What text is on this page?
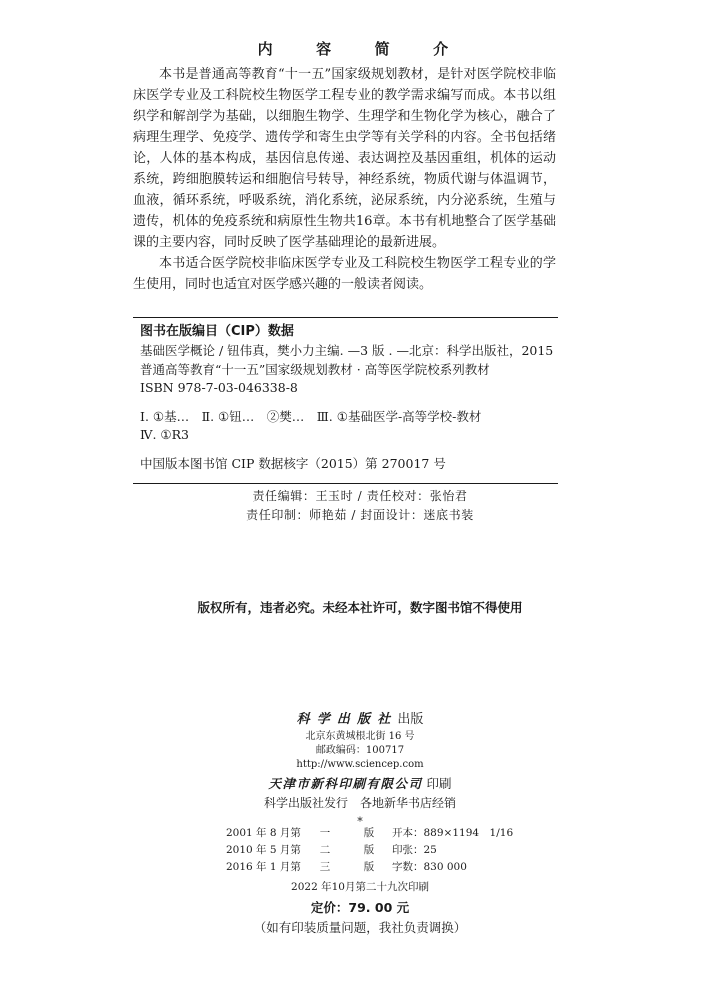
内　容　简　介

本书是普通高等教育“十一五”国家级规划教材，是针对医学院校非临床医学专业及工科院校生物医学工程专业的教学需求编写而成。本书以组织学和解剖学为基础，以细胞生物学、生理学和生物化学为核心，融合了病理生理学、免疫学、遗传学和寄生虫学等有关学科的内容。全书包括绪论，人体的基本构成，基因信息传递、表达调控及基因重组，机体的运动系统，跨细胞膜转运和细胞信号转导，神经系统，物质代谢与体温调节，血液，循环系统，呼吸系统，消化系统，泌尿系统，内分泌系统，生殖与遗传，机体的免疫系统和病原性生物共16章。本书有机地整合了医学基础课的主要内容，同时反映了医学基础理论的最新进展。

本书适合医学院校非临床医学专业及工科院校生物医学工程专业的学生使用，同时也适宜对医学感兴趣的一般读者阅读。

图书在版编目（CIP）数据

基础医学概论 / 钮伟真，樊小力主编. —3 版 . —北京：科学出版社，2015

普通高等教育“十一五”国家级规划教材 · 高等医学院校系列教材

ISBN 978-7-03-046338-8

Ⅰ. ①基…　Ⅱ. ①钮…　②樊…　Ⅲ. ①基础医学-高等学校-教材

Ⅳ. ①R3

中国版本图书馆 CIP 数据核字（2015）第 270017 号

责任编辑：王玉时 / 责任校对：张怡君

责任印制：师艳茹 / 封面设计：迷底书装

版权所有，违者必究。未经本社许可，数字图书馆不得使用

科学出版社出版

北京东黄城根北街 16 号

邮政编码：100717

http://www.sciencep.com

天津市新科印刷有限公司 印刷

科学出版社发行　各地新华书店经销

*

2001 年 8 月第	一	版	开本：889×1194　1/16
2010 年 5 月第	二	版	印张：25
2016 年 1 月第	三	版	字数：830 000
2022 年10月第二十九次印刷
定价：79. 00 元
（如有印装质量问题，我社负责调换）
